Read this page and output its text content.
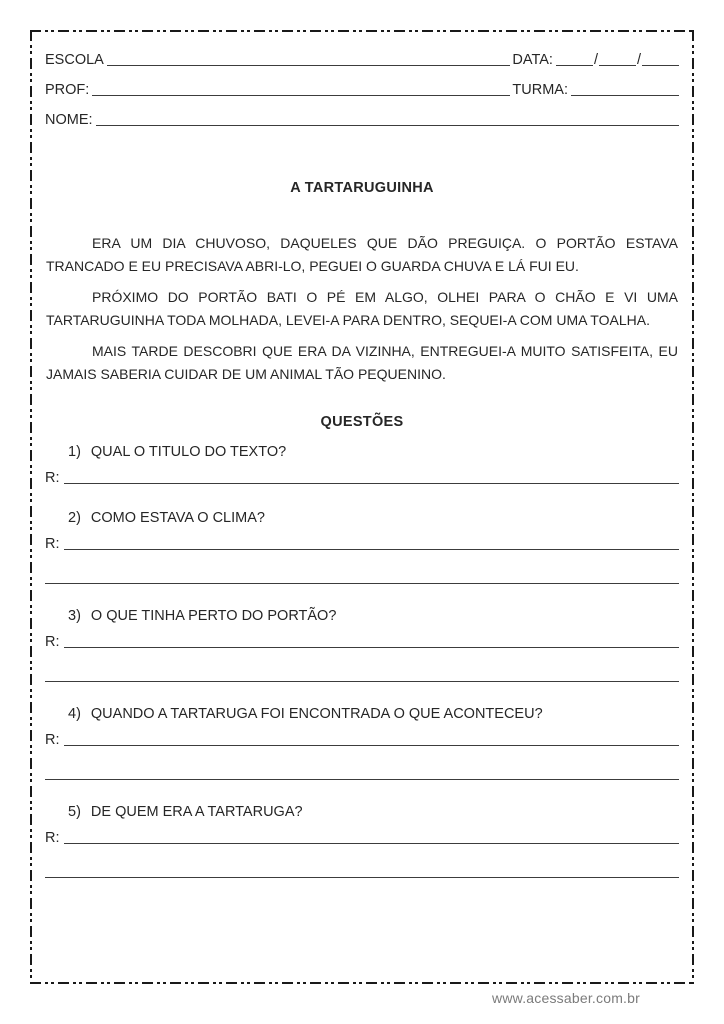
ESCOLA	DATA:	/	/
PROF:	TURMA:
NOME:
A TARTARUGUINHA

ERA UM DIA CHUVOSO, DAQUELES QUE DÃO PREGUIÇA. O PORTÃO ESTAVA TRANCADO E EU PRECISAVA ABRI-LO, PEGUEI O GUARDA CHUVA E LÁ FUI EU.

PRÓXIMO DO PORTÃO BATI O PÉ EM ALGO, OLHEI PARA O CHÃO E VI UMA TARTARUGUINHA TODA MOLHADA, LEVEI-A PARA DENTRO, SEQUEI-A COM UMA TOALHA.

MAIS TARDE DESCOBRI QUE ERA DA VIZINHA, ENTREGUEI-A MUITO SATISFEITA, EU JAMAIS SABERIA CUIDAR DE UM ANIMAL TÃO PEQUENINO.

QUESTÕES
1) QUAL O TITULO DO TEXTO?
R:
2) COMO ESTAVA O CLIMA?
R:
3) O QUE TINHA PERTO DO PORTÃO?
R:
4) QUANDO A TARTARUGA FOI ENCONTRADA O QUE ACONTECEU?
R:
5) DE QUEM ERA A TARTARUGA?
R:
www.acessaber.com.br
